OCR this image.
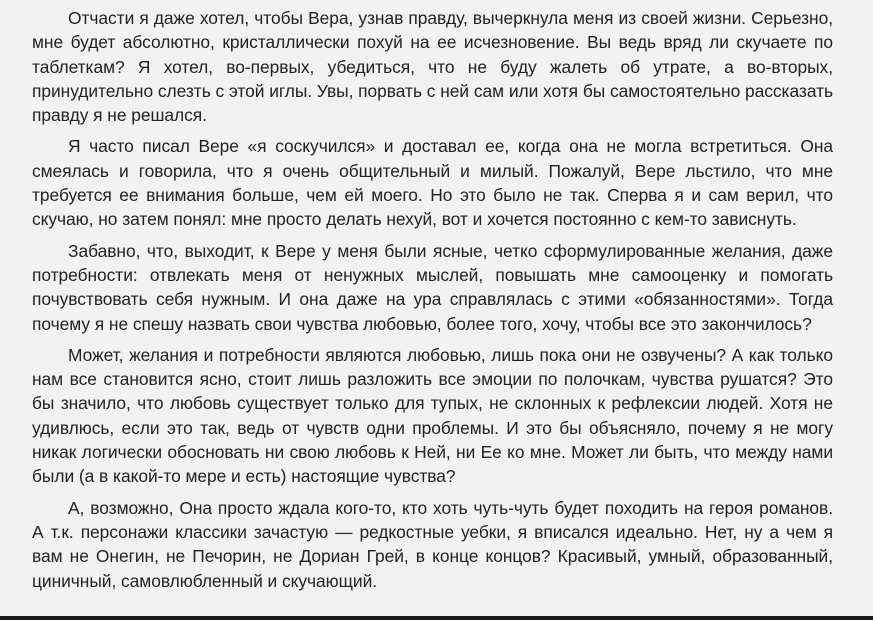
Отчасти я даже хотел, чтобы Вера, узнав правду, вычеркнула меня из своей жизни. Серьезно, мне будет абсолютно, кристаллически похуй на ее исчезновение. Вы ведь вряд ли скучаете по таблеткам? Я хотел, во-первых, убедиться, что не буду жалеть об утрате, а во-вторых, принудительно слезть с этой иглы. Увы, порвать с ней сам или хотя бы самостоятельно рассказать правду я не решался.

Я часто писал Вере «я соскучился» и доставал ее, когда она не могла встретиться. Она смеялась и говорила, что я очень общительный и милый. Пожалуй, Вере льстило, что мне требуется ее внимания больше, чем ей моего. Но это было не так. Сперва я и сам верил, что скучаю, но затем понял: мне просто делать нехуй, вот и хочется постоянно с кем-то зависнуть.

Забавно, что, выходит, к Вере у меня были ясные, четко сформулированные желания, даже потребности: отвлекать меня от ненужных мыслей, повышать мне самооценку и помогать почувствовать себя нужным. И она даже на ура справлялась с этими «обязанностями». Тогда почему я не спешу назвать свои чувства любовью, более того, хочу, чтобы все это закончилось?

Может, желания и потребности являются любовью, лишь пока они не озвучены? А как только нам все становится ясно, стоит лишь разложить все эмоции по полочкам, чувства рушатся? Это бы значило, что любовь существует только для тупых, не склонных к рефлексии людей. Хотя не удивлюсь, если это так, ведь от чувств одни проблемы. И это бы объясняло, почему я не могу никак логически обосновать ни свою любовь к Ней, ни Ее ко мне. Может ли быть, что между нами были (а в какой-то мере и есть) настоящие чувства?

А, возможно, Она просто ждала кого-то, кто хоть чуть-чуть будет походить на героя романов. А т.к. персонажи классики зачастую — редкостные уебки, я вписался идеально. Нет, ну а чем я вам не Онегин, не Печорин, не Дориан Грей, в конце концов? Красивый, умный, образованный, циничный, самовлюбленный и скучающий.
